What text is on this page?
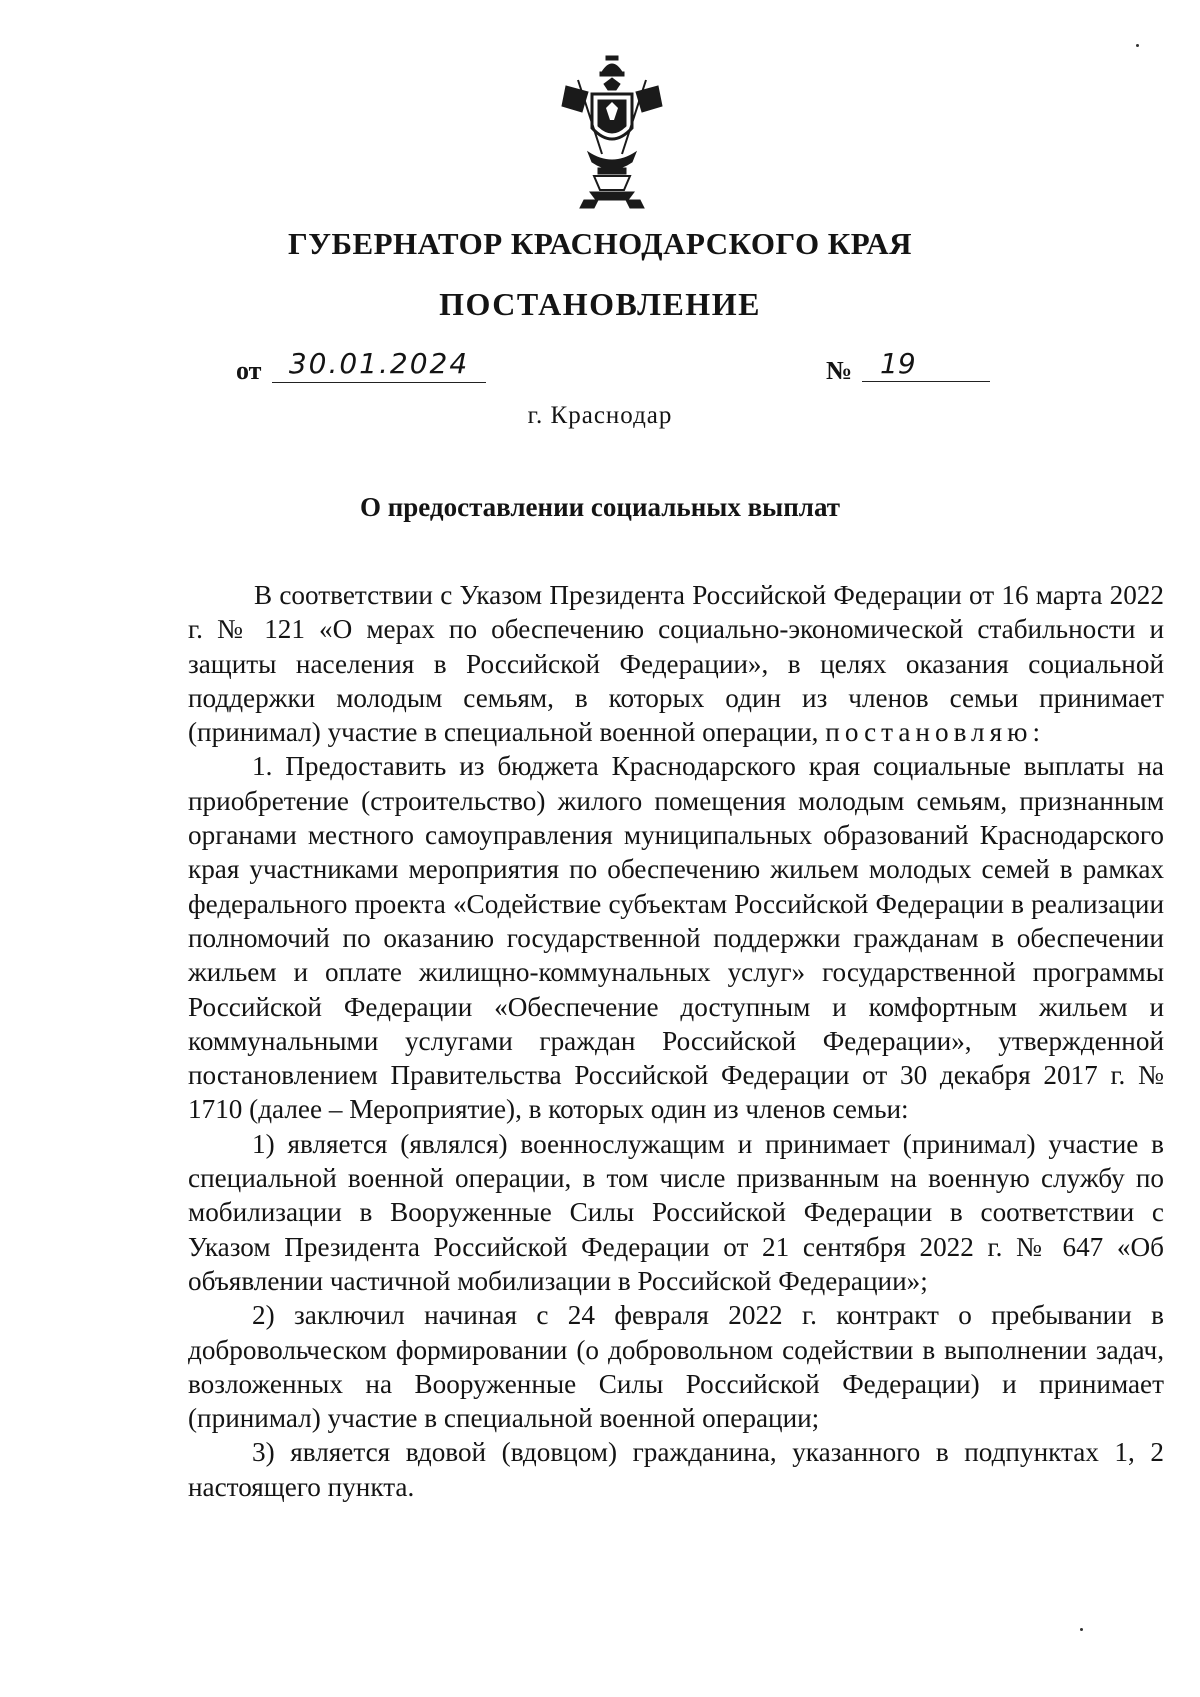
ГУБЕРНАТОР КРАСНОДАРСКОГО КРАЯ
ПОСТАНОВЛЕНИЕ
от 30.01.2024	№ 19
г. Краснодар
О предоставлении социальных выплат

В соответствии с Указом Президента Российской Федерации от 16 марта 2022 г. № 121 «О мерах по обеспечению социально-экономической стабильности и защиты населения в Российской Федерации», в целях оказания социальной поддержки молодым семьям, в которых один из членов семьи принимает (принимал) участие в специальной военной операции, постановляю:

1. Предоставить из бюджета Краснодарского края социальные выплаты на приобретение (строительство) жилого помещения молодым семьям, признанным органами местного самоуправления муниципальных образований Краснодарского края участниками мероприятия по обеспечению жильем молодых семей в рамках федерального проекта «Содействие субъектам Российской Федерации в реализации полномочий по оказанию государственной поддержки гражданам в обеспечении жильем и оплате жилищно-коммунальных услуг» государственной программы Российской Федерации «Обеспечение доступным и комфортным жильем и коммунальными услугами граждан Российской Федерации», утвержденной постановлением Правительства Российской Федерации от 30 декабря 2017 г. № 1710 (далее – Мероприятие), в которых один из членов семьи:

1) является (являлся) военнослужащим и принимает (принимал) участие в специальной военной операции, в том числе призванным на военную службу по мобилизации в Вооруженные Силы Российской Федерации в соответствии с Указом Президента Российской Федерации от 21 сентября 2022 г. № 647 «Об объявлении частичной мобилизации в Российской Федерации»;

2) заключил начиная с 24 февраля 2022 г. контракт о пребывании в добровольческом формировании (о добровольном содействии в выполнении задач, возложенных на Вооруженные Силы Российской Федерации) и принимает (принимал) участие в специальной военной операции;

3) является вдовой (вдовцом) гражданина, указанного в подпунктах 1, 2 настоящего пункта.
